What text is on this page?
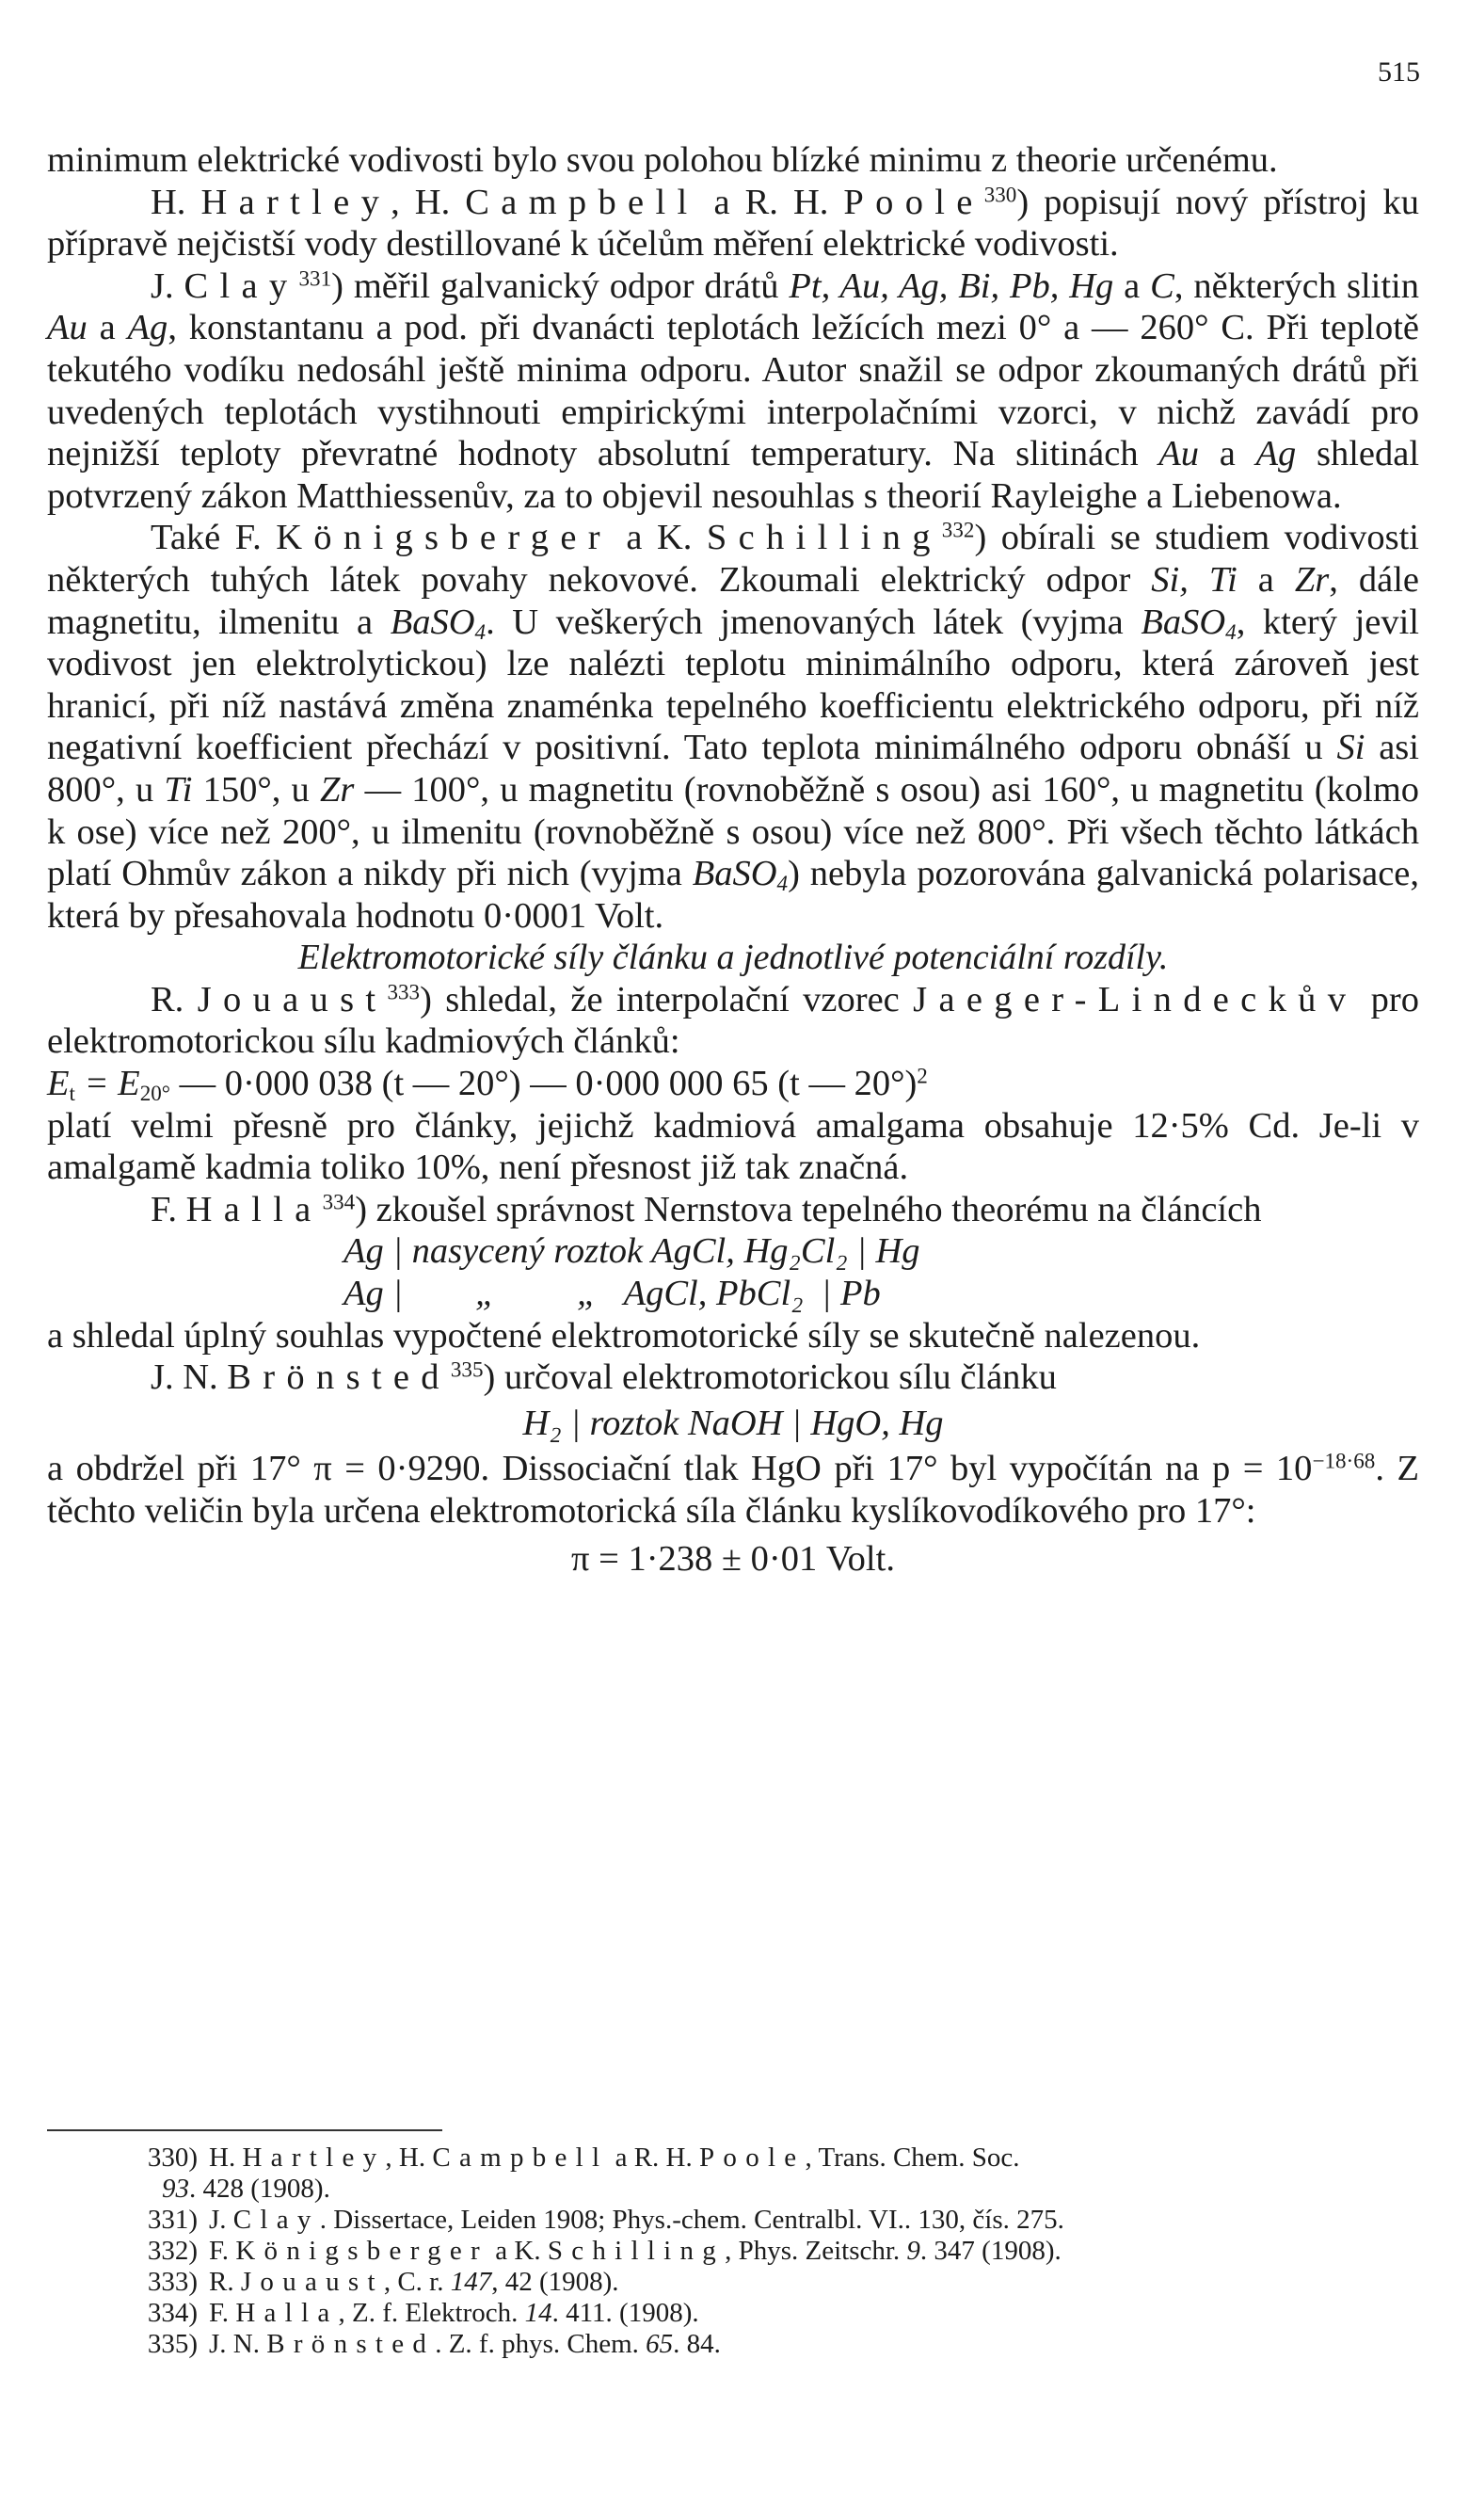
515

minimum elektrické vodivosti bylo svou polohou blízké minimu z theorie určenému.

H. Hartley, H. Campbell a R. H. Poole$^{330}$) popisují nový přístroj ku přípravě nejčistší vody destillované k účelům měření elektrické vodivosti.

J. Clay$^{331}$) měřil galvanický odpor drátů Pt, Au, Ag, Bi, Pb, Hg a C, některých slitin Au a Ag, konstantanu a pod. při dvanácti teplotách ležících mezi 0° a — 260° C. Při teplotě tekutého vodíku nedosáhl ještě minima odporu. Autor snažil se odpor zkoumaných drátů při uvedených teplotách vystihnouti empirickými interpolačními vzorci, v nichž zavádí pro nejnižší teploty převratné hodnoty absolutní temperatury. Na slitinách Au a Ag shledal potvrzený zákon Matthiessenův, za to objevil nesouhlas s theorií Rayleighe a Liebenowa.

Také F. Königsberger a K. Schilling$^{332}$) obírali se studiem vodivosti některých tuhých látek povahy nekovové. Zkoumali elektrický odpor Si, Ti a Zr, dále magnetitu, ilmenitu a BaSO$_4$. U veškerých jmenovaných látek (vyjma BaSO$_4$, který jevil vodivost jen elektrolytickou) lze nalézti teplotu minimálního odporu, která zároveň jest hranicí, při níž nastává změna znaménka tepelného koefficientu elektrického odporu, při níž negativní koefficient přechází v positivní. Tato teplota minimálného odporu obnáší u Si asi 800°, u Ti 150°, u Zr — 100°, u magnetitu (rovnoběžně s osou) asi 160°, u magnetitu (kolmo k ose) více než 200°, u ilmenitu (rovnoběžně s osou) více než 800°. Při všech těchto látkách platí Ohmův zákon a nikdy při nich (vyjma BaSO$_4$) nebyla pozorována galvanická polarisace, která by přesahovala hodnotu 0·0001 Volt.

Elektromotorické síly článku a jednotlivé potenciální rozdíly.

R. Jouaust$^{333}$) shledal, že interpolační vzorec Jaeger-Lindeckův pro elektromotorickou sílu kadmiových článků:

$E_t = E_{20^\circ}$ — 0·000 038 (t — 20°) — 0·000 000 65 (t — 20°)$^2$

platí velmi přesně pro články, jejichž kadmiová amalgama obsahuje 12·5% Cd. Je-li v amalgamě kadmia toliko 10%, není přesnost již tak značná.

F. Halla$^{334}$) zkoušel správnost Nernstova tepelného theorému na článcích

Ag | nasycený roztok AgCl, Hg₂Cl₂ | Hg

Ag |        „         „   AgCl, PbCl₂  | Pb

a shledal úplný souhlas vypočtené elektromotorické síly se skutečně nalezenou.

J. N. Brönsted$^{335}$) určoval elektromotorickou sílu článku

H₂ | roztok NaOH | HgO, Hg

a obdržel při 17° π = 0·9290. Dissociační tlak HgO při 17° byl vypočítán na $p = 10^{-18\cdot 68}$. Z těchto veličin byla určena elektromotorická síla článku kyslíkovodíkového pro 17°:

π = 1·238 ± 0·01 Volt.

330) H. Hartley, H. Campbell a R. H. Poole, Trans. Chem. Soc.
93. 428 (1908).
331) J. Clay. Dissertace, Leiden 1908; Phys.-chem. Centralbl. VI.. 130, čís. 275.
332) F. Königsberger a K. Schilling, Phys. Zeitschr. 9. 347 (1908).
333) R. Jouaust, C. r. 147, 42 (1908).
334) F. Halla, Z. f. Elektroch. 14. 411. (1908).
335) J. N. Brönsted. Z. f. phys. Chem. 65. 84.
